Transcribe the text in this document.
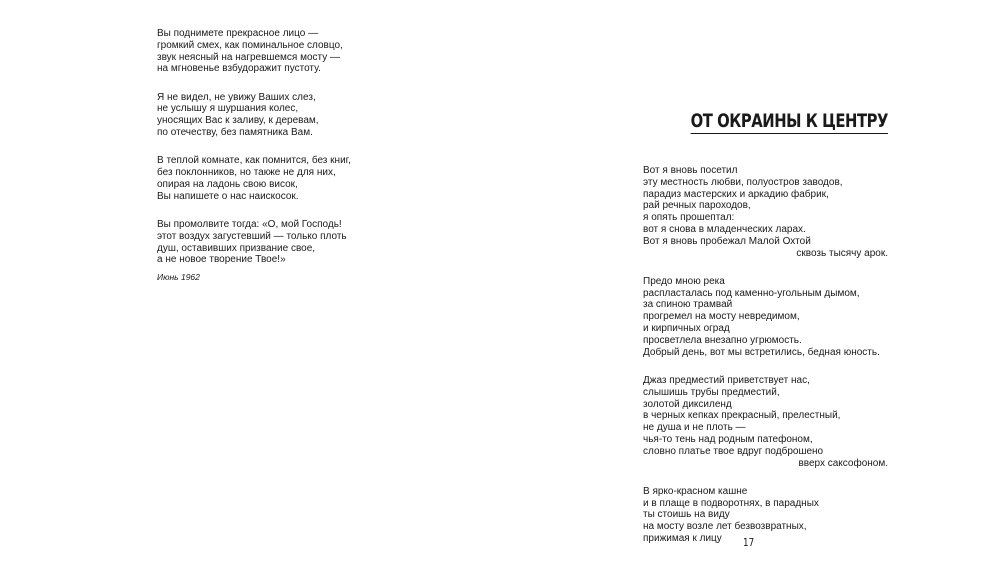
Вы поднимете прекрасное лицо —
громкий смех, как поминальное словцо,
звук неясный на нагревшемся мосту —
на мгновенье взбудоражит пустоту.
Я не видел, не увижу Ваших слез,
не услышу я шуршания колес,
уносящих Вас к заливу, к деревам,
по отечеству, без памятника Вам.
В теплой комнате, как помнится, без книг,
без поклонников, но также не для них,
опирая на ладонь свою висок,
Вы напишете о нас наискосок.
Вы промолвите тогда: «О, мой Господь!
этот воздух загустевший — только плоть
душ, оставивших призвание свое,
а не новое творение Твое!»
Июнь 1962
ОТ ОКРАИНЫ К ЦЕНТРУ
Вот я вновь посетил
эту местность любви, полуостров заводов,
парадиз мастерских и аркадию фабрик,
рай речных пароходов,
я опять прошептал:
вот я снова в младенческих ларах.
Вот я вновь пробежал Малой Охтой
сквозь тысячу арок.
Предо мною река
распласталась под каменно-угольным дымом,
за спиною трамвай
прогремел на мосту невредимом,
и кирпичных оград
просветлела внезапно угрюмость.
Добрый день, вот мы встретились, бедная юность.
Джаз предместий приветствует нас,
слышишь трубы предместий,
золотой диксиленд
в черных кепках прекрасный, прелестный,
не душа и не плоть —
чья-то тень над родным патефоном,
словно платье твое вдруг подброшено
вверх саксофоном.
В ярко-красном кашне
и в плаще в подворотнях, в парадных
ты стоишь на виду
на мосту возле лет безвозвратных,
прижимая к лицу	17
